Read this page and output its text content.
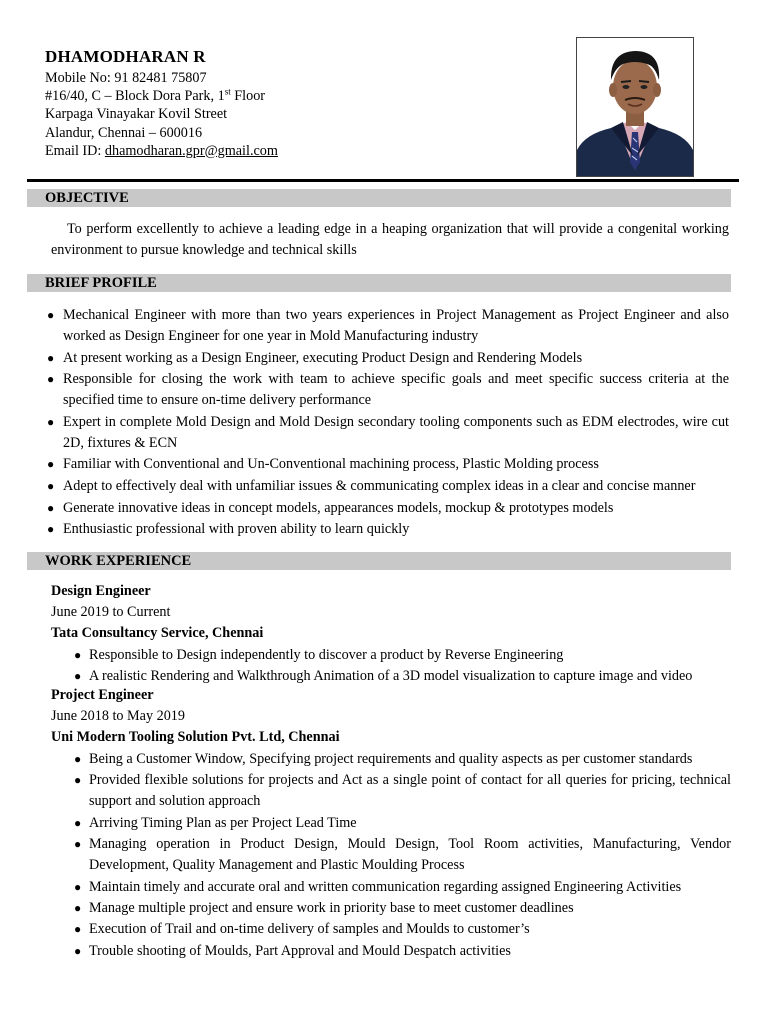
DHAMODHARAN R
Mobile No: 91 82481 75807
#16/40, C – Block Dora Park, 1st Floor
Karpaga Vinayakar Kovil Street
Alandur, Chennai – 600016
Email ID: dhamodharan.gpr@gmail.com
OBJECTIVE

To perform excellently to achieve a leading edge in a heaping organization that will provide a congenital working environment to pursue knowledge and technical skills

BRIEF PROFILE
● Mechanical Engineer with more than two years experiences in Project Management as Project Engineer and also worked as Design Engineer for one year in Mold Manufacturing industry
● At present working as a Design Engineer, executing Product Design and Rendering Models
● Responsible for closing the work with team to achieve specific goals and meet specific success criteria at the specified time to ensure on-time delivery performance
● Expert in complete Mold Design and Mold Design secondary tooling components such as EDM electrodes, wire cut 2D, fixtures & ECN
● Familiar with Conventional and Un-Conventional machining process, Plastic Molding process
● Adept to effectively deal with unfamiliar issues & communicating complex ideas in a clear and concise manner
● Generate innovative ideas in concept models, appearances models, mockup & prototypes models
● Enthusiastic professional with proven ability to learn quickly
WORK EXPERIENCE
Design Engineer
June 2019 to Current
Tata Consultancy Service, Chennai
● Responsible to Design independently to discover a product by Reverse Engineering
● A realistic Rendering and Walkthrough Animation of a 3D model visualization to capture image and video
Project Engineer
June 2018 to May 2019
Uni Modern Tooling Solution Pvt. Ltd, Chennai
● Being a Customer Window, Specifying project requirements and quality aspects as per customer standards
● Provided flexible solutions for projects and Act as a single point of contact for all queries for pricing, technical support and solution approach
● Arriving Timing Plan as per Project Lead Time
● Managing operation in Product Design, Mould Design, Tool Room activities, Manufacturing, Vendor Development, Quality Management and Plastic Moulding Process
● Maintain timely and accurate oral and written communication regarding assigned Engineering Activities
● Manage multiple project and ensure work in priority base to meet customer deadlines
● Execution of Trail and on-time delivery of samples and Moulds to customer’s
● Trouble shooting of Moulds, Part Approval and Mould Despatch activities
